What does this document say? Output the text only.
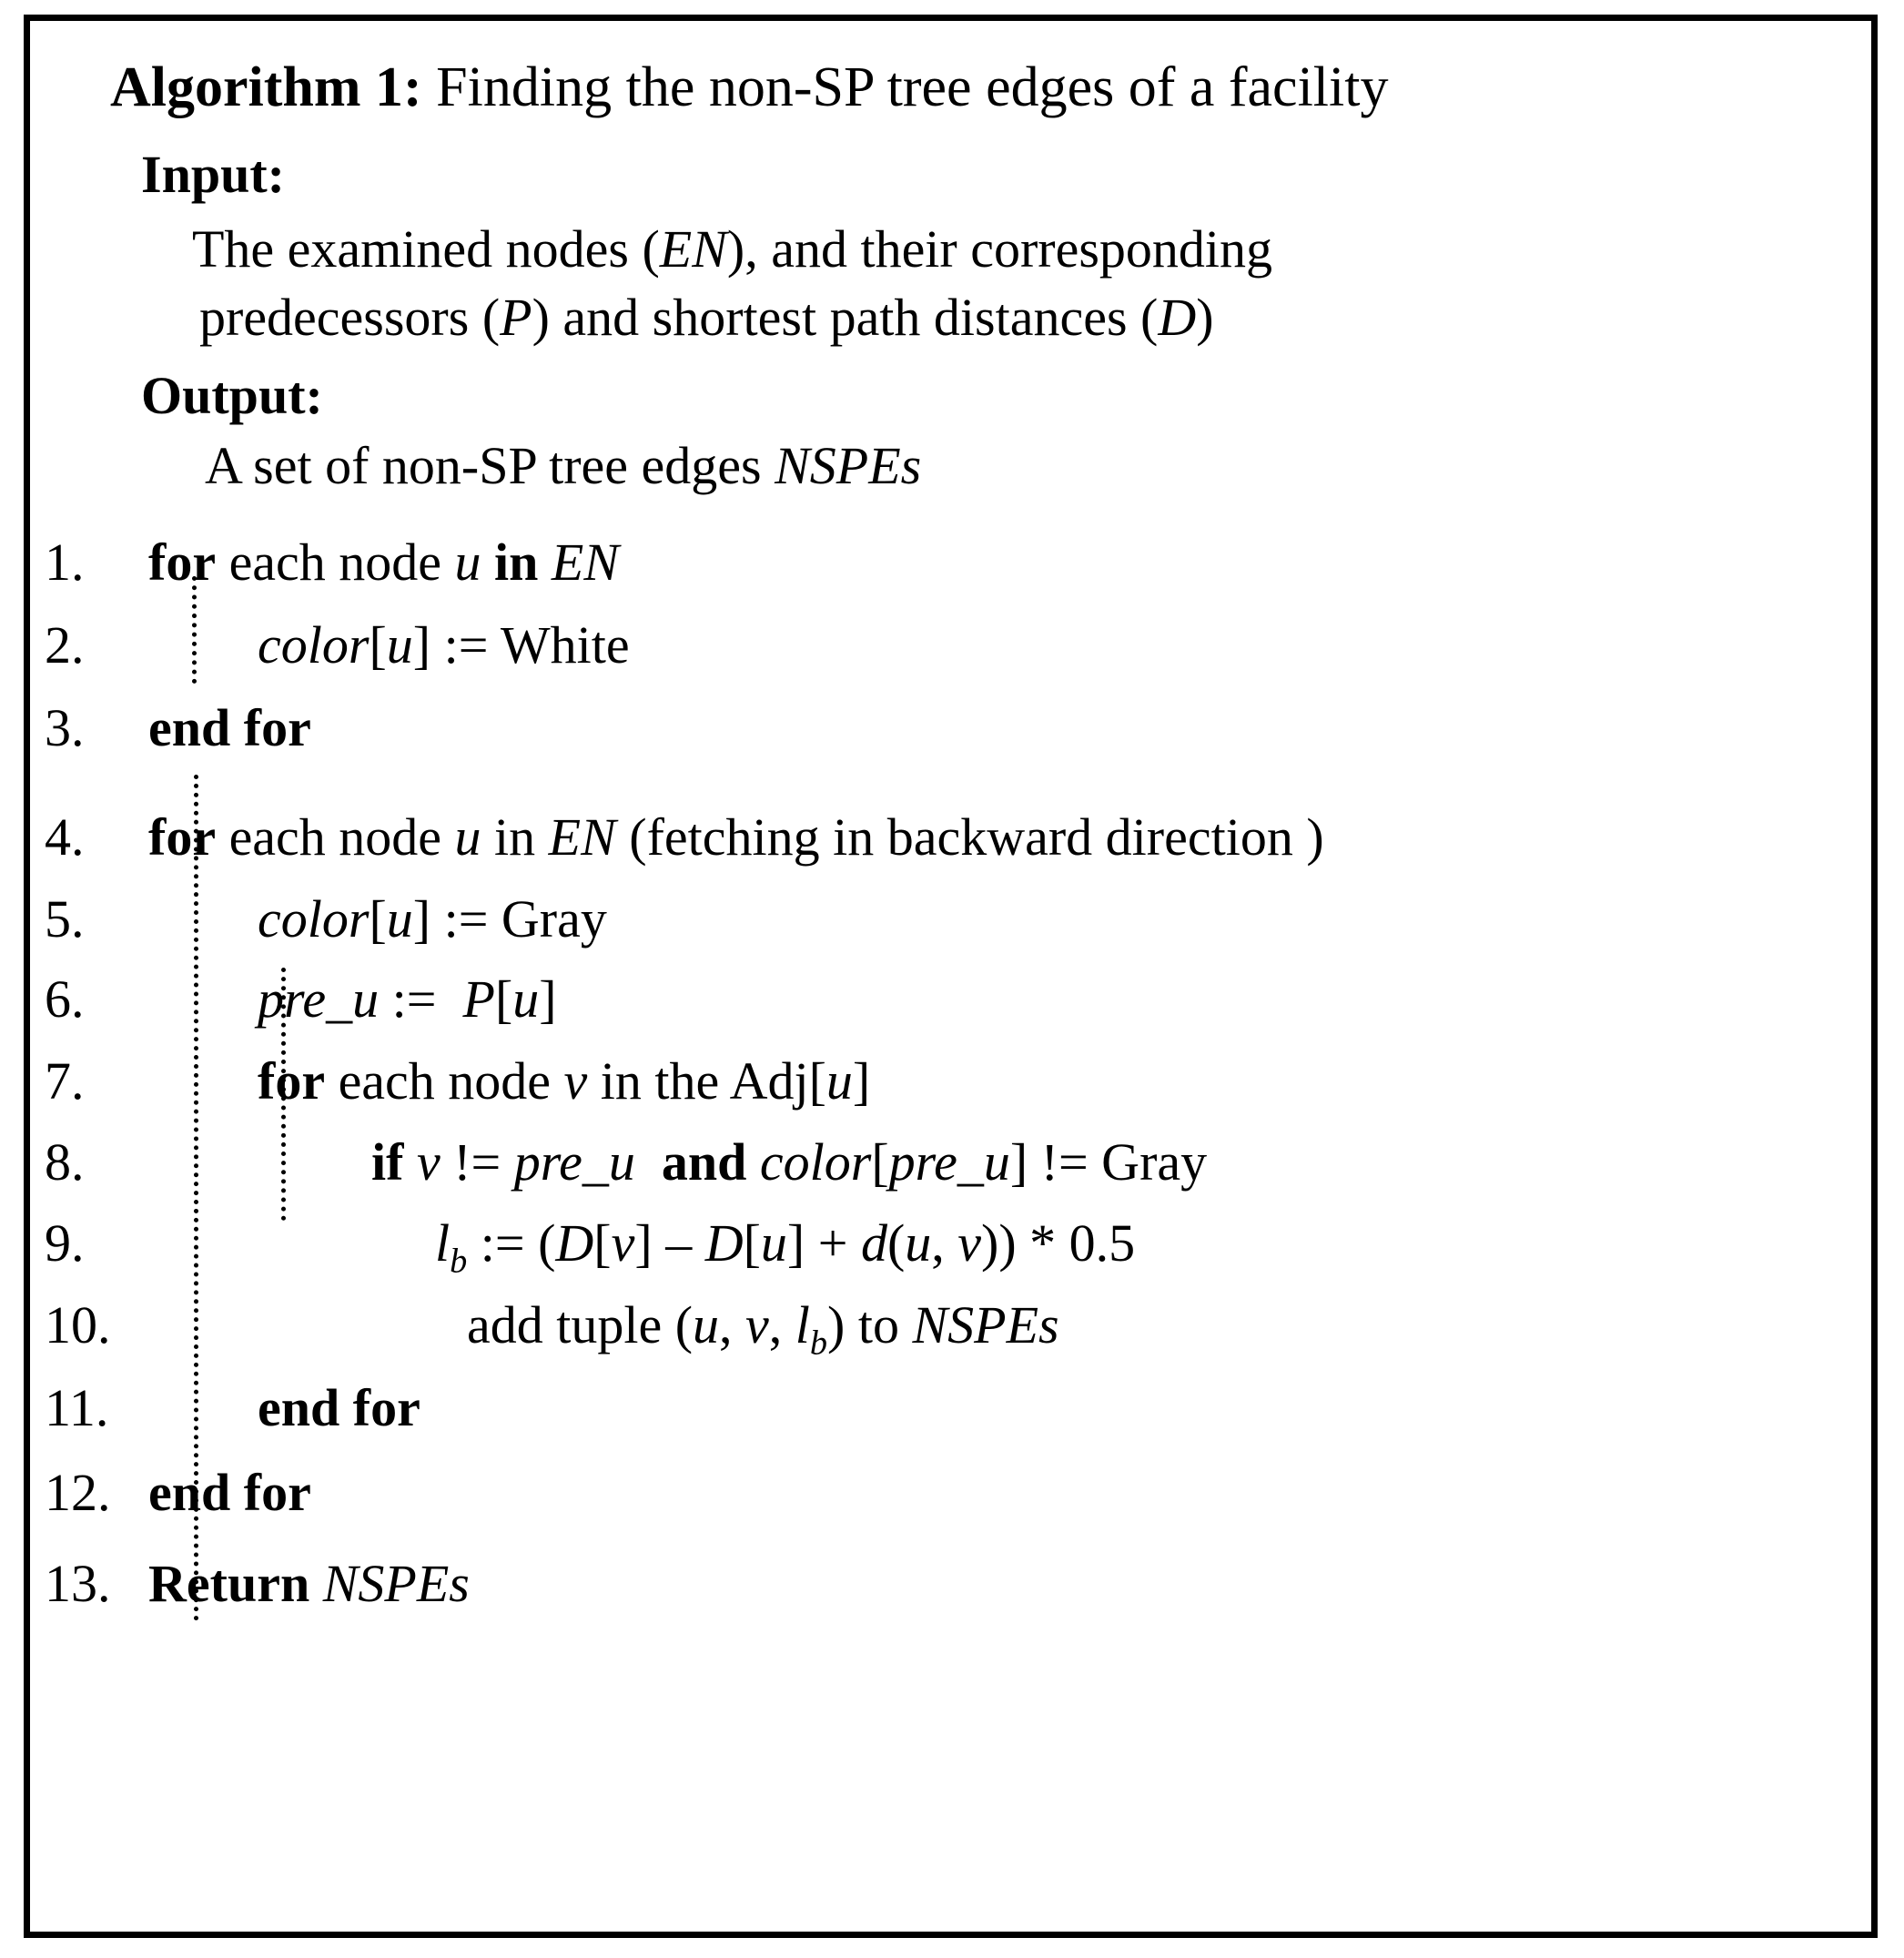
Algorithm 1: Finding the non-SP tree edges of a facility
Input:
The examined nodes (EN), and their corresponding
predecessors (P) and shortest path distances (D)
Output:
A set of non-SP tree edges NSPEs
1.	for each node u in EN
2.	color[u] := White
3.	end for
4.	for each node u in EN (fetching in backward direction )
5.	color[u] := Gray
6.	pre_u :=  P[u]
7.	for each node v in the Adj[u]
8.	if v != pre_u and color[pre_u] != Gray
9.	$l_b$ := (D[v] – D[u] + d(u, v)) * 0.5
10.	add tuple (u, v, $l_b$) to NSPEs
11.	end for
12. end for
13. Return NSPEs
